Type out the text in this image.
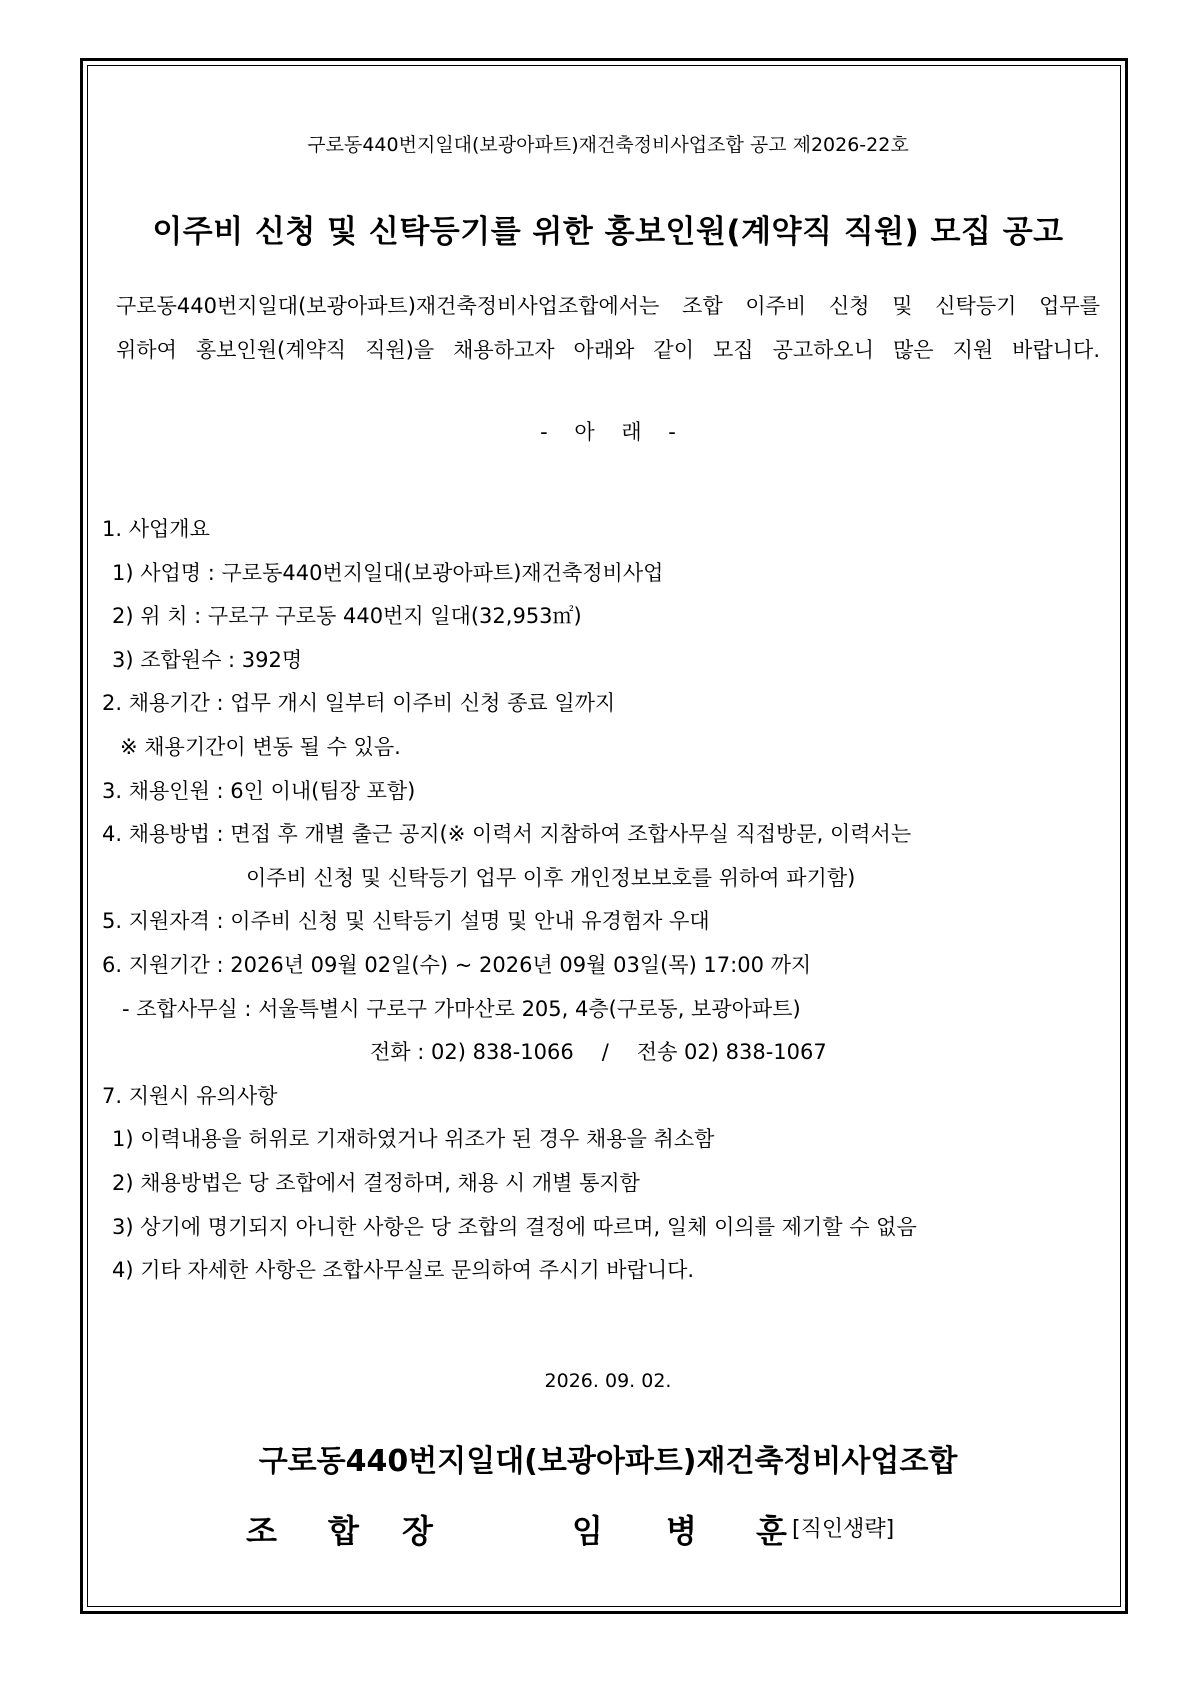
구로동440번지일대(보광아파트)재건축정비사업조합 공고 제2026-22호
이주비 신청 및 신탁등기를 위한 홍보인원(계약직 직원) 모집 공고
구로동440번지일대(보광아파트)재건축정비사업조합에서는 조합 이주비 신청 및 신탁등기 업무를
위하여 홍보인원(계약직 직원)을 채용하고자 아래와 같이 모집 공고하오니 많은 지원 바랍니다.
- 아 래 -
1. 사업개요
1) 사업명 : 구로동440번지일대(보광아파트)재건축정비사업
2) 위 치 : 구로구 구로동 440번지 일대(32,953㎡)
3) 조합원수 : 392명
2. 채용기간 : 업무 개시 일부터 이주비 신청 종료 일까지
※ 채용기간이 변동 될 수 있음.
3. 채용인원 : 6인 이내(팀장 포함)
4. 채용방법 : 면접 후 개별 출근 공지(※ 이력서 지참하여 조합사무실 직접방문, 이력서는
이주비 신청 및 신탁등기 업무 이후 개인정보보호를 위하여 파기함)
5. 지원자격 : 이주비 신청 및 신탁등기 설명 및 안내 유경험자 우대
6. 지원기간 : 2026년 09월 02일(수) ~ 2026년 09월 03일(목) 17:00 까지
- 조합사무실 : 서울특별시 구로구 가마산로 205, 4층(구로동, 보광아파트)
전화 : 02) 838-1066 / 전송 02) 838-1067
7. 지원시 유의사항
1) 이력내용을 허위로 기재하였거나 위조가 된 경우 채용을 취소함
2) 채용방법은 당 조합에서 결정하며, 채용 시 개별 통지함
3) 상기에 명기되지 아니한 사항은 당 조합의 결정에 따르며, 일체 이의를 제기할 수 없음
4) 기타 자세한 사항은 조합사무실로 문의하여 주시기 바랍니다.
2026. 09. 02.
구로동440번지일대(보광아파트)재건축정비사업조합
조 합 장	임 병 훈 [직인생략]
